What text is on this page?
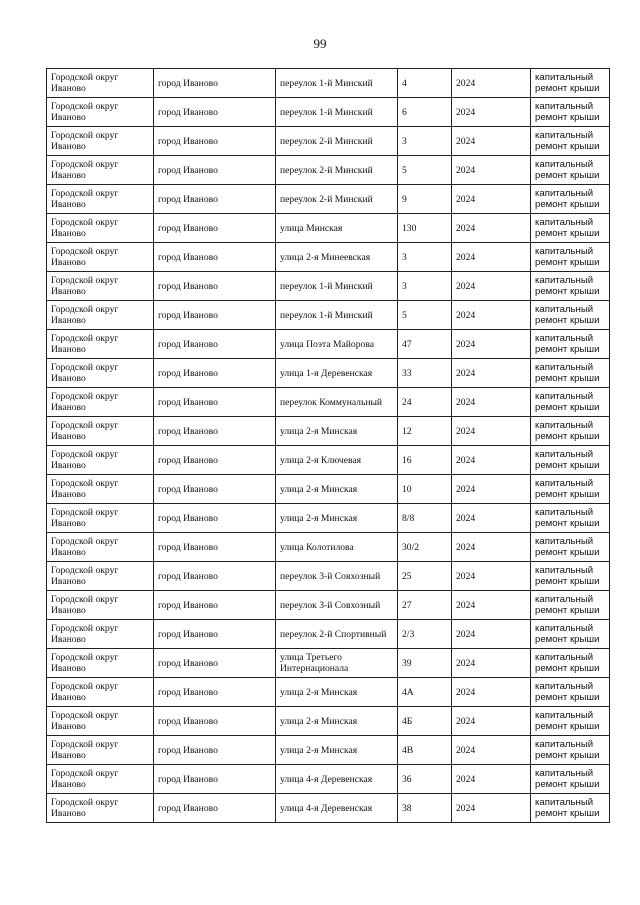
99
Городской округ Иваново	город Иваново	переулок 1-й Минский	4	2024	капитальный ремонт крыши
Городской округ Иваново	город Иваново	переулок 1-й Минский	6	2024	капитальный ремонт крыши
Городской округ Иваново	город Иваново	переулок 2-й Минский	3	2024	капитальный ремонт крыши
Городской округ Иваново	город Иваново	переулок 2-й Минский	5	2024	капитальный ремонт крыши
Городской округ Иваново	город Иваново	переулок 2-й Минский	9	2024	капитальный ремонт крыши
Городской округ Иваново	город Иваново	улица Минская	130	2024	капитальный ремонт крыши
Городской округ Иваново	город Иваново	улица 2-я Минеевская	3	2024	капитальный ремонт крыши
Городской округ Иваново	город Иваново	переулок 1-й Минский	3	2024	капитальный ремонт крыши
Городской округ Иваново	город Иваново	переулок 1-й Минский	5	2024	капитальный ремонт крыши
Городской округ Иваново	город Иваново	улица Поэта Майорова	47	2024	капитальный ремонт крыши
Городской округ Иваново	город Иваново	улица 1-я Деревенская	33	2024	капитальный ремонт крыши
Городской округ Иваново	город Иваново	переулок Коммунальный	24	2024	капитальный ремонт крыши
Городской округ Иваново	город Иваново	улица 2-я Минская	12	2024	капитальный ремонт крыши
Городской округ Иваново	город Иваново	улица 2-я Ключевая	16	2024	капитальный ремонт крыши
Городской округ Иваново	город Иваново	улица 2-я Минская	10	2024	капитальный ремонт крыши
Городской округ Иваново	город Иваново	улица 2-я Минская	8/8	2024	капитальный ремонт крыши
Городской округ Иваново	город Иваново	улица Колотилова	30/2	2024	капитальный ремонт крыши
Городской округ Иваново	город Иваново	переулок 3-й Совхозный	25	2024	капитальный ремонт крыши
Городской округ Иваново	город Иваново	переулок 3-й Совхозный	27	2024	капитальный ремонт крыши
Городской округ Иваново	город Иваново	переулок 2-й Спортивный	2/3	2024	капитальный ремонт крыши
Городской округ Иваново	город Иваново	улица Третьего Интернационала	39	2024	капитальный ремонт крыши
Городской округ Иваново	город Иваново	улица 2-я Минская	4А	2024	капитальный ремонт крыши
Городской округ Иваново	город Иваново	улица 2-я Минская	4Б	2024	капитальный ремонт крыши
Городской округ Иваново	город Иваново	улица 2-я Минская	4В	2024	капитальный ремонт крыши
Городской округ Иваново	город Иваново	улица 4-я Деревенская	36	2024	капитальный ремонт крыши
Городской округ Иваново	город Иваново	улица 4-я Деревенская	38	2024	капитальный ремонт крыши
